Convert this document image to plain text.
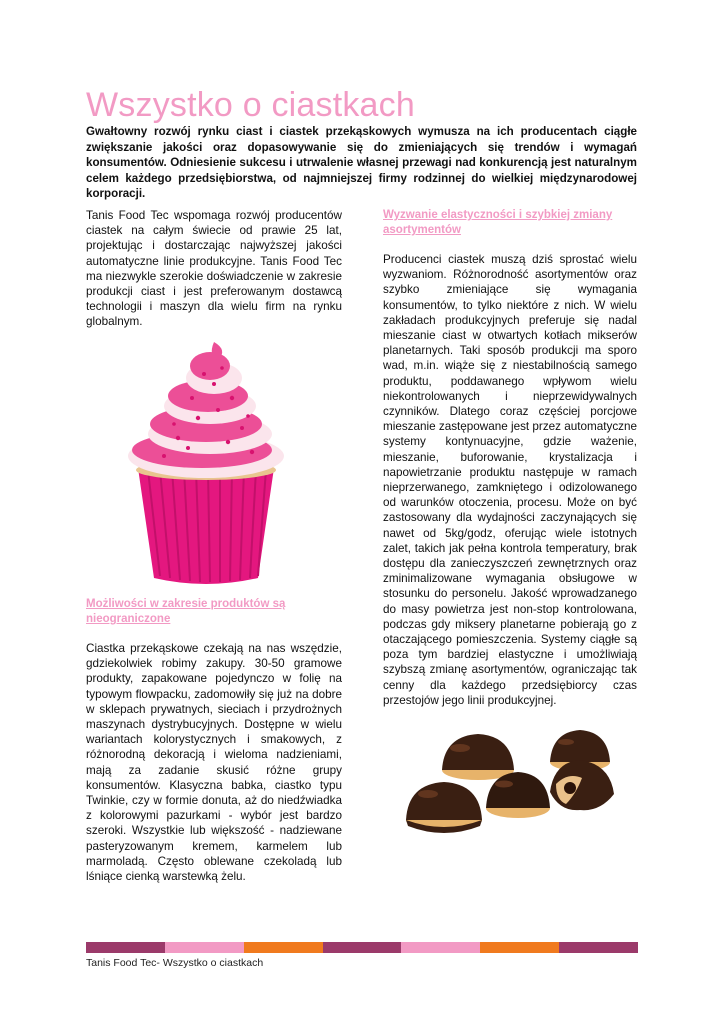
Wszystko o ciastkach

Gwałtowny rozwój rynku ciast i ciastek przekąskowych wymusza na ich producentach ciągłe zwiększanie jakości oraz dopasowywanie się do zmieniających się trendów i wymagań konsumentów. Odniesienie sukcesu i utrwalenie własnej przewagi nad konkurencją jest naturalnym celem każdego przedsiębiorstwa, od najmniejszej firmy rodzinnej do wielkiej międzynarodowej korporacji.

Tanis Food Tec wspomaga rozwój producentów ciastek na całym świecie od prawie 25 lat, projektując i dostarczając najwyższej jakości automatyczne linie produkcyjne. Tanis Food Tec ma niezwykle szerokie doświadczenie w zakresie produkcji ciast i jest preferowanym dostawcą technologii i maszyn dla wielu firm na rynku globalnym.

Możliwości w zakresie produktów są nieograniczone

Ciastka przekąskowe czekają na nas wszędzie, gdziekolwiek robimy zakupy. 30-50 gramowe produkty, zapakowane pojedynczo w folię na typowym flowpacku, zadomowiły się już na dobre w sklepach prywatnych, sieciach i przydrożnych maszynach dystrybucyjnych. Dostępne w wielu wariantach kolorystycznych i smakowych, z różnorodną dekoracją i wieloma nadzieniami, mają za zadanie skusić różne grupy konsumentów. Klasyczna babka, ciastko typu Twinkie, czy w formie donuta, aż do niedźwiadka z kolorowymi pazurkami - wybór jest bardzo szeroki. Wszystkie lub większość - nadziewane pasteryzowanym kremem, karmelem lub marmoladą. Często oblewane czekoladą lub lśniące cienką warstewką żelu.

Wyzwanie elastyczności i szybkiej zmiany asortymentów

Producenci ciastek muszą dziś sprostać wielu wyzwaniom. Różnorodność asortymentów oraz szybko zmieniające się wymagania konsumentów, to tylko niektóre z nich. W wielu zakładach produkcyjnych preferuje się nadal mieszanie ciast w otwartych kotłach mikserów planetarnych. Taki sposób produkcji ma sporo wad, m.in. wiąże się z niestabilnością samego produktu, poddawanego wpływom wielu niekontrolowanych i nieprzewidywalnych czynników. Dlatego coraz częściej porcjowe mieszanie zastępowane jest przez automatyczne systemy kontynuacyjne, gdzie ważenie, mieszanie, buforowanie, krystalizacja i napowietrzanie produktu następuje w ramach nieprzerwanego, zamkniętego i odizolowanego od warunków otoczenia, procesu. Może on być zastosowany dla wydajności zaczynających się nawet od 5kg/godz, oferując wiele istotnych zalet, takich jak pełna kontrola temperatury, brak dostępu dla zanieczyszczeń zewnętrznych oraz zminimalizowane wymagania obsługowe w stosunku do personelu. Jakość wprowadzanego do masy powietrza jest non-stop kontrolowana, podczas gdy miksery planetarne pobierają go z otaczającego pomieszczenia. Systemy ciągłe są poza tym bardziej elastyczne i umożliwiają szybszą zmianę asortymentów, ograniczając tak cenny dla każdego przedsiębiorcy czas przestojów jego linii produkcyjnej.

Tanis Food Tec- Wszystko o ciastkach
